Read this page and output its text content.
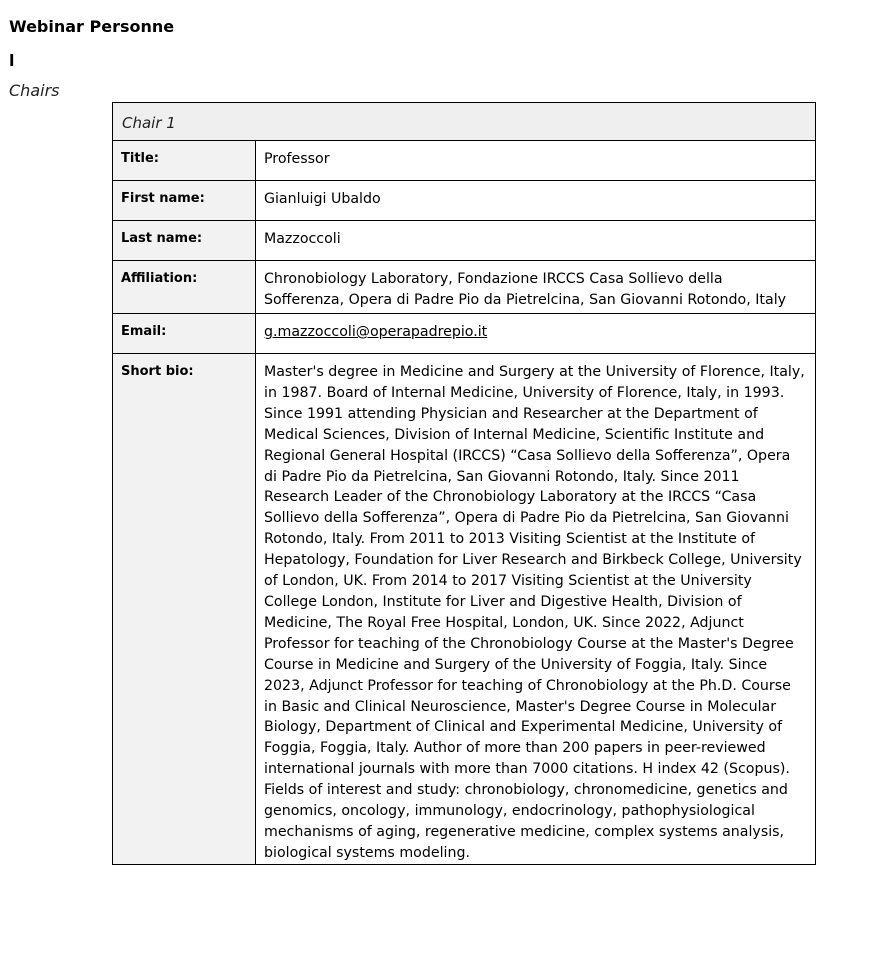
Webinar Personne
l
Chairs
Chair 1	
Title:	Professor
First name:	Gianluigi Ubaldo
Last name:	Mazzoccoli
Affiliation:	Chronobiology Laboratory, Fondazione IRCCS Casa Sollievo della Sofferenza, Opera di Padre Pio da Pietrelcina, San Giovanni Rotondo, Italy
Email:	g.mazzoccoli@operapadrepio.it
Short bio:	Master's degree in Medicine and Surgery at the University of Florence, Italy, in 1987. Board of Internal Medicine, University of Florence, Italy, in 1993. Since 1991 attending Physician and Researcher at the Department of Medical Sciences, Division of Internal Medicine, Scientific Institute and Regional General Hospital (IRCCS) “Casa Sollievo della Sofferenza”, Opera di Padre Pio da Pietrelcina, San Giovanni Rotondo, Italy. Since 2011 Research Leader of the Chronobiology Laboratory at the IRCCS “Casa Sollievo della Sofferenza”, Opera di Padre Pio da Pietrelcina, San Giovanni Rotondo, Italy. From 2011 to 2013 Visiting Scientist at the Institute of Hepatology, Foundation for Liver Research and Birkbeck College, University of London, UK. From 2014 to 2017 Visiting Scientist at the University College London, Institute for Liver and Digestive Health, Division of Medicine, The Royal Free Hospital, London, UK. Since 2022, Adjunct Professor for teaching of the Chronobiology Course at the Master's Degree Course in Medicine and Surgery of the University of Foggia, Italy. Since 2023, Adjunct Professor for teaching of Chronobiology at the Ph.D. Course in Basic and Clinical Neuroscience, Master's Degree Course in Molecular Biology, Department of Clinical and Experimental Medicine, University of Foggia, Foggia, Italy. Author of more than 200 papers in peer-reviewed international journals with more than 7000 citations. H index 42 (Scopus). Fields of interest and study: chronobiology, chronomedicine, genetics and genomics, oncology, immunology, endocrinology, pathophysiological mechanisms of aging, regenerative medicine, complex systems analysis, biological systems modeling.
